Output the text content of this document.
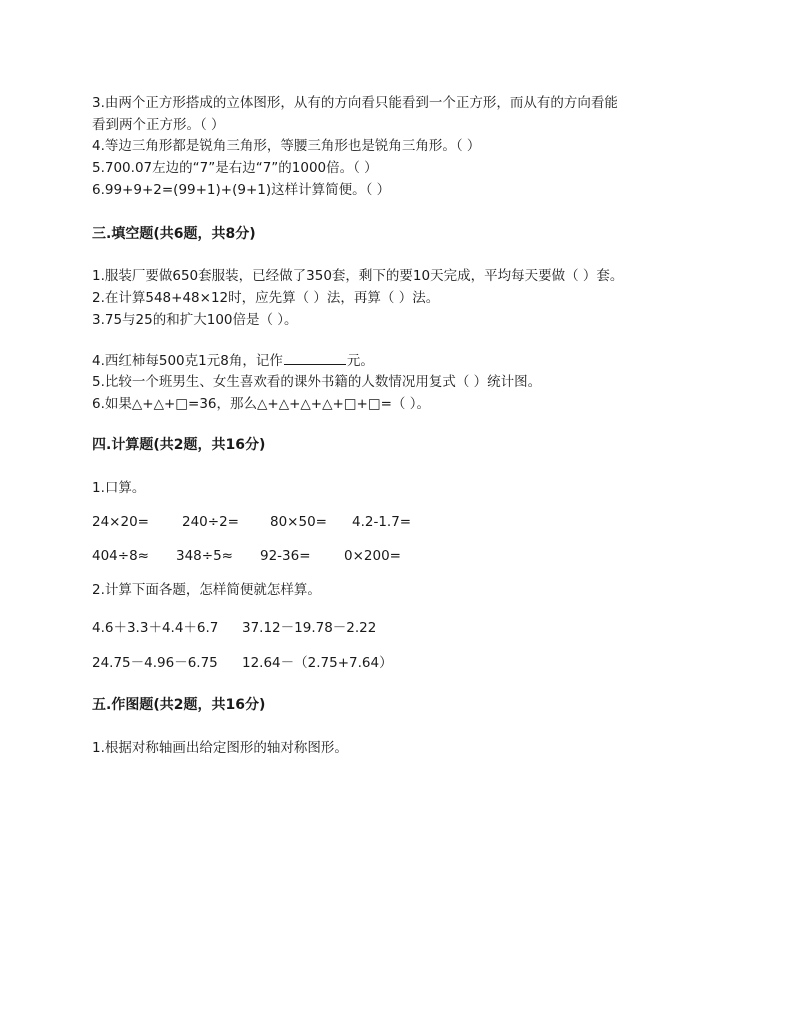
3.由两个正方形搭成的立体图形，从有的方向看只能看到一个正方形，而从有的方向看能
看到两个正方形。（ ）
4.等边三角形都是锐角三角形，等腰三角形也是锐角三角形。（ ）
5.700.07左边的“7”是右边“7”的1000倍。（ ）
6.99+9+2=(99+1)+(9+1)这样计算简便。（ ）
三.填空题(共6题，共8分)
1.服装厂要做650套服装，已经做了350套，剩下的要10天完成，平均每天要做（ ）套。
2.在计算548+48×12时，应先算（ ）法，再算（ ）法。
3.75与25的和扩大100倍是（ ）。
4.西红柿每500克1元8角，记作	元。
5.比较一个班男生、女生喜欢看的课外书籍的人数情况用复式（ ）统计图。
6.如果△+△+□=36，那么△+△+△+△+□+□=（ ）。
四.计算题(共2题，共16分)
1.口算。
24×20= 240÷2= 80×50= 4.2-1.7=
404÷8≈ 348÷5≈ 92-36= 0×200=
2.计算下面各题，怎样简便就怎样算。
4.6＋3.3＋4.4＋6.7 37.12－19.78－2.22
24.75－4.96－6.75 12.64－（2.75+7.64）
五.作图题(共2题，共16分)
1.根据对称轴画出给定图形的轴对称图形。
